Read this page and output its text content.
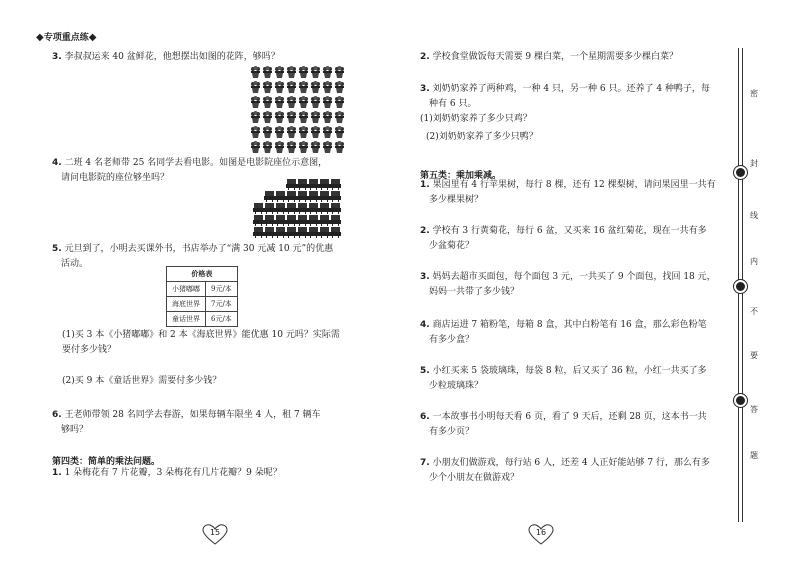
◆专项重点练◆
3. 李叔叔运来 40 盆鲜花，他想摆出如图的花阵，够吗？
4. 二班 4 名老师带 25 名同学去看电影。如图是电影院座位示意图，
请问电影院的座位够坐吗？
5. 元旦到了，小明去买课外书，书店举办了“满 30 元减 10 元”的优惠
活动。
价格表	
小猪嘟嘟	9元/本
海底世界	7元/本
童话世界	6元/本
(1)买 3 本《小猪嘟嘟》和 2 本《海底世界》能优惠 10 元吗？实际需
要付多少钱？
(2)买 9 本《童话世界》需要付多少钱？
6. 王老师带领 28 名同学去春游，如果每辆车限坐 4 人，租 7 辆车
够吗？
第四类：简单的乘法问题。
1. 1 朵梅花有 7 片花瓣，3 朵梅花有几片花瓣？9 朵呢？
15
2. 学校食堂做饭每天需要 9 棵白菜，一个星期需要多少棵白菜？
3. 刘奶奶家养了两种鸡，一种 4 只，另一种 6 只。还养了 4 种鸭子，每
种有 6 只。
(1)刘奶奶家养了多少只鸡？
(2)刘奶奶家养了多少只鸭？
第五类：乘加乘减。
1. 果园里有 4 行苹果树，每行 8 棵，还有 12 棵梨树，请问果园里一共有
多少棵果树？
2. 学校有 3 行黄菊花，每行 6 盆，又买来 16 盆红菊花，现在一共有多
少盆菊花？
3. 妈妈去超市买面包，每个面包 3 元，一共买了 9 个面包，找回 18 元，
妈妈一共带了多少钱？
4. 商店运进 7 箱粉笔，每箱 8 盒，其中白粉笔有 16 盒，那么彩色粉笔
有多少盒？
5. 小红买来 5 袋玻璃珠，每袋 8 粒，后又买了 36 粒，小红一共买了多
少粒玻璃珠？
6. 一本故事书小明每天看 6 页，看了 9 天后，还剩 28 页，这本书一共
有多少页？
7. 小朋友们做游戏，每行站 6 人，还差 4 人正好能站够 7 行，那么有多
少个小朋友在做游戏？
16
密
封
线
内
不
要
答
题
